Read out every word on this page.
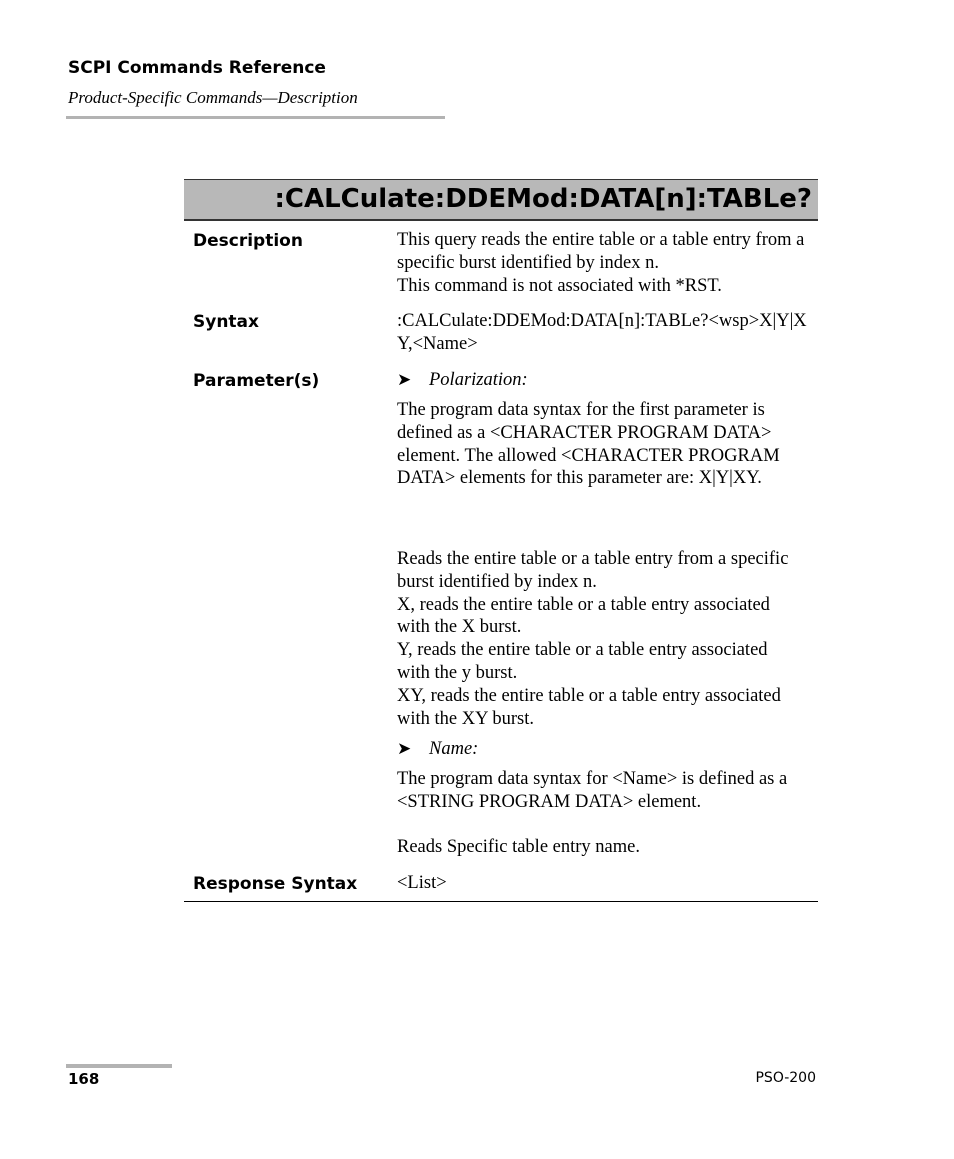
SCPI Commands Reference
Product-Specific Commands—Description
:CALCulate:DDEMod:DATA[n]:TABLe?
Description	This query reads the entire table or a table entry from a specific burst identified by index n.

This command is not associated with *RST.

Syntax	:CALCulate:DDEMod:DATA[n]:TABLe?<wsp>X|Y|XY,<Name>

Parameter(s)	➤ Polarization:

The program data syntax for the first parameter is defined as a <CHARACTER PROGRAM DATA> element. The allowed <CHARACTER PROGRAM DATA> elements for this parameter are: X|Y|XY.

Reads the entire table or a table entry from a specific burst identified by index n.

X, reads the entire table or a table entry associated with the X burst.

Y, reads the entire table or a table entry associated with the y burst.

XY, reads the entire table or a table entry associated with the XY burst.

➤ Name:

The program data syntax for <Name> is defined as a <STRING PROGRAM DATA> element.

Reads Specific table entry name.

Response Syntax <List>

168	PSO-200
